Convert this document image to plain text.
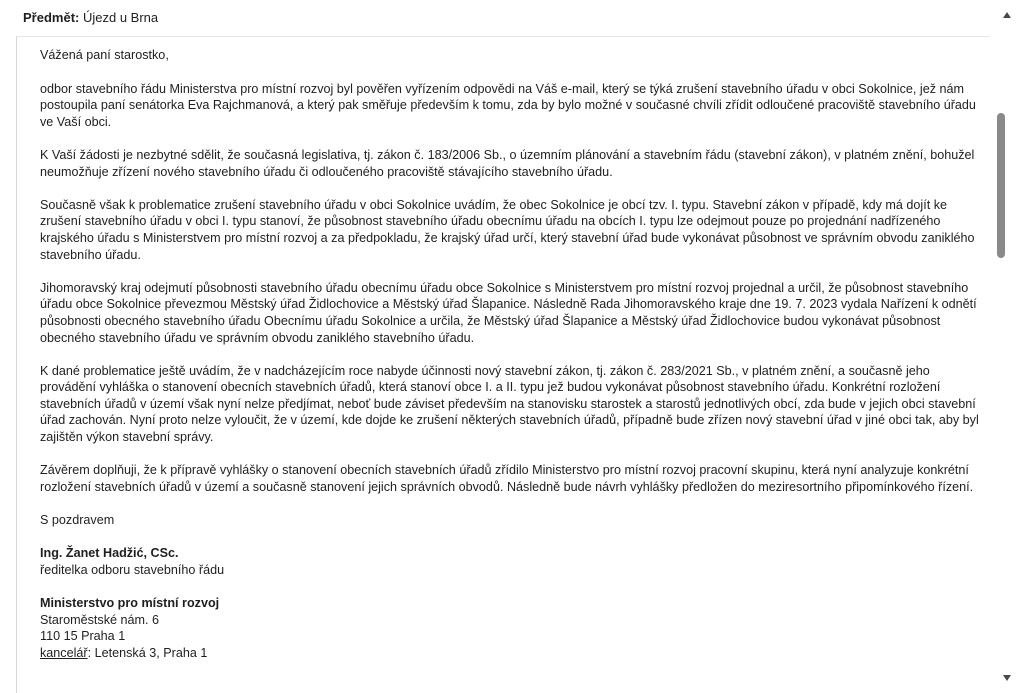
Předmět: Újezd u Brna

Vážená paní starostko,

odbor stavebního řádu Ministerstva pro místní rozvoj byl pověřen vyřízením odpovědi na Váš e-mail, který se týká zrušení stavebního úřadu v obci Sokolnice, jež nám postoupila paní senátorka Eva Rajchmanová, a který pak směřuje především k tomu, zda by bylo možné v současné chvíli zřídit odloučené pracoviště stavebního úřadu ve Vaší obci.

K Vaší žádosti je nezbytné sdělit, že současná legislativa, tj. zákon č. 183/2006 Sb., o územním plánování a stavebním řádu (stavební zákon), v platném znění, bohužel neumožňuje zřízení nového stavebního úřadu či odloučeného pracoviště stávajícího stavebního úřadu.

Současně však k problematice zrušení stavebního úřadu v obci Sokolnice uvádím, že obec Sokolnice je obcí tzv. I. typu. Stavební zákon v případě, kdy má dojít ke zrušení stavebního úřadu v obci I. typu stanoví, že působnost stavebního úřadu obecnímu úřadu na obcích I. typu lze odejmout pouze po projednání nadřízeného krajského úřadu s Ministerstvem pro místní rozvoj a za předpokladu, že krajský úřad určí, který stavební úřad bude vykonávat působnost ve správním obvodu zaniklého stavebního úřadu.

Jihomoravský kraj odejmutí působnosti stavebního úřadu obecnímu úřadu obce Sokolnice s Ministerstvem pro místní rozvoj projednal a určil, že působnost stavebního úřadu obce Sokolnice převezmou Městský úřad Židlochovice a Městský úřad Šlapanice. Následně Rada Jihomoravského kraje dne 19. 7. 2023 vydala Nařízení k odnětí působnosti obecného stavebního úřadu Obecnímu úřadu Sokolnice a určila, že Městský úřad Šlapanice a Městský úřad Židlochovice budou vykonávat působnost obecného stavebního úřadu ve správním obvodu zaniklého stavebního úřadu.

K dané problematice ještě uvádím, že v nadcházejícím roce nabyde účinnosti nový stavební zákon, tj. zákon č. 283/2021 Sb., v platném znění, a současně jeho provádění vyhláška o stanovení obecních stavebních úřadů, která stanoví obce I. a II. typu jež budou vykonávat působnost stavebního úřadu. Konkrétní rozložení stavebních úřadů v území však nyní nelze předjímat, neboť bude záviset především na stanovisku starostek a starostů jednotlivých obcí, zda bude v jejich obci stavební úřad zachován. Nyní proto nelze vyloučit, že v území, kde dojde ke zrušení některých stavebních úřadů, případně bude zřízen nový stavební úřad v jiné obci tak, aby byl zajištěn výkon stavební správy.

Závěrem doplňuji, že k přípravě vyhlášky o stanovení obecních stavebních úřadů zřídilo Ministerstvo pro místní rozvoj pracovní skupinu, která nyní analyzuje konkrétní rozložení stavebních úřadů v území a současně stanovení jejich správních obvodů. Následně bude návrh vyhlášky předložen do meziresortního připomínkového řízení.

S pozdravem

Ing. Žanet Hadžić, CSc.
ředitelka odboru stavebního řádu

Ministerstvo pro místní rozvoj
Staroměstské nám. 6
110 15 Praha 1
kancelář: Letenská 3, Praha 1
